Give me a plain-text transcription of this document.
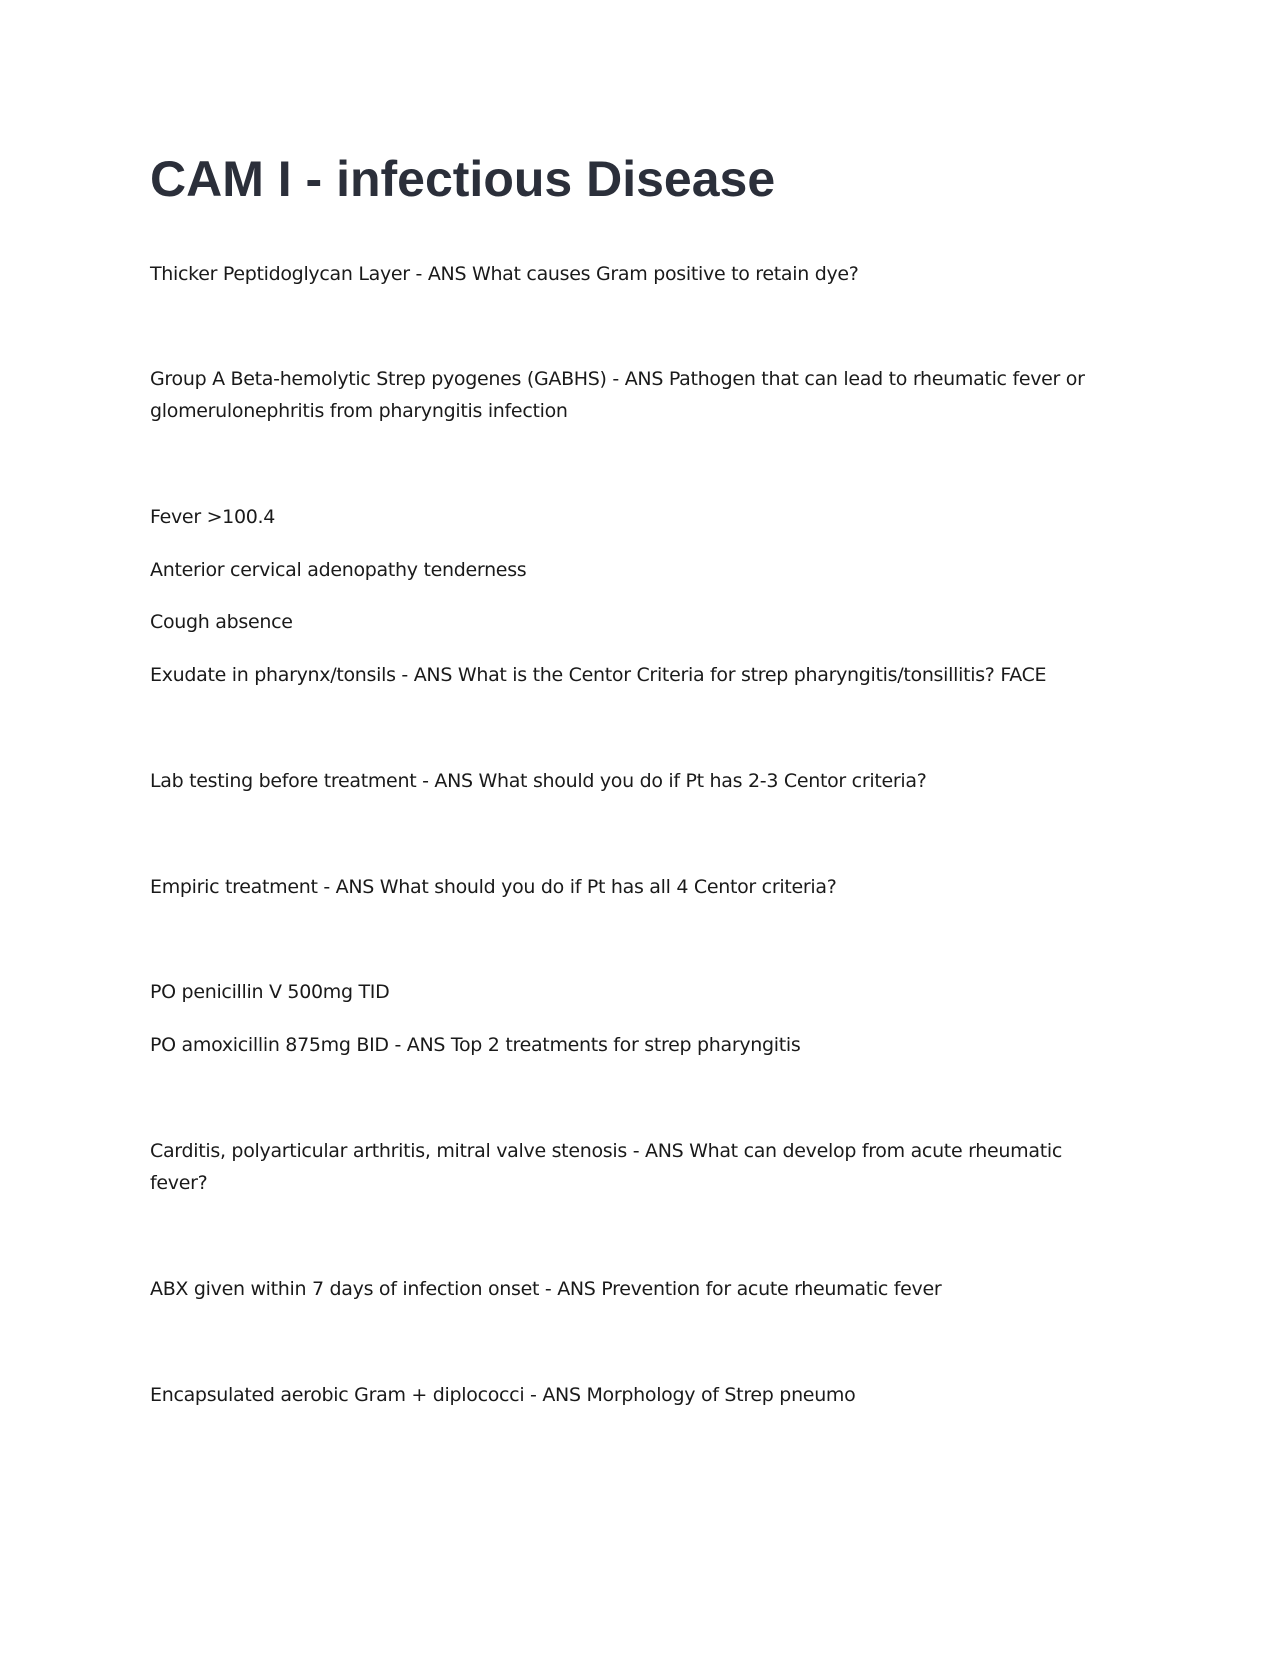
CAM I - infectious Disease

Thicker Peptidoglycan Layer - ANS What causes Gram positive to retain dye?

Group A Beta-hemolytic Strep pyogenes (GABHS) - ANS Pathogen that can lead to rheumatic fever or glomerulonephritis from pharyngitis infection

Fever >100.4

Anterior cervical adenopathy tenderness

Cough absence

Exudate in pharynx/tonsils - ANS What is the Centor Criteria for strep pharyngitis/tonsillitis? FACE

Lab testing before treatment - ANS What should you do if Pt has 2-3 Centor criteria?

Empiric treatment - ANS What should you do if Pt has all 4 Centor criteria?

PO penicillin V 500mg TID

PO amoxicillin 875mg BID - ANS Top 2 treatments for strep pharyngitis

Carditis, polyarticular arthritis, mitral valve stenosis - ANS What can develop from acute rheumatic fever?

ABX given within 7 days of infection onset - ANS Prevention for acute rheumatic fever

Encapsulated aerobic Gram + diplococci - ANS Morphology of Strep pneumo
